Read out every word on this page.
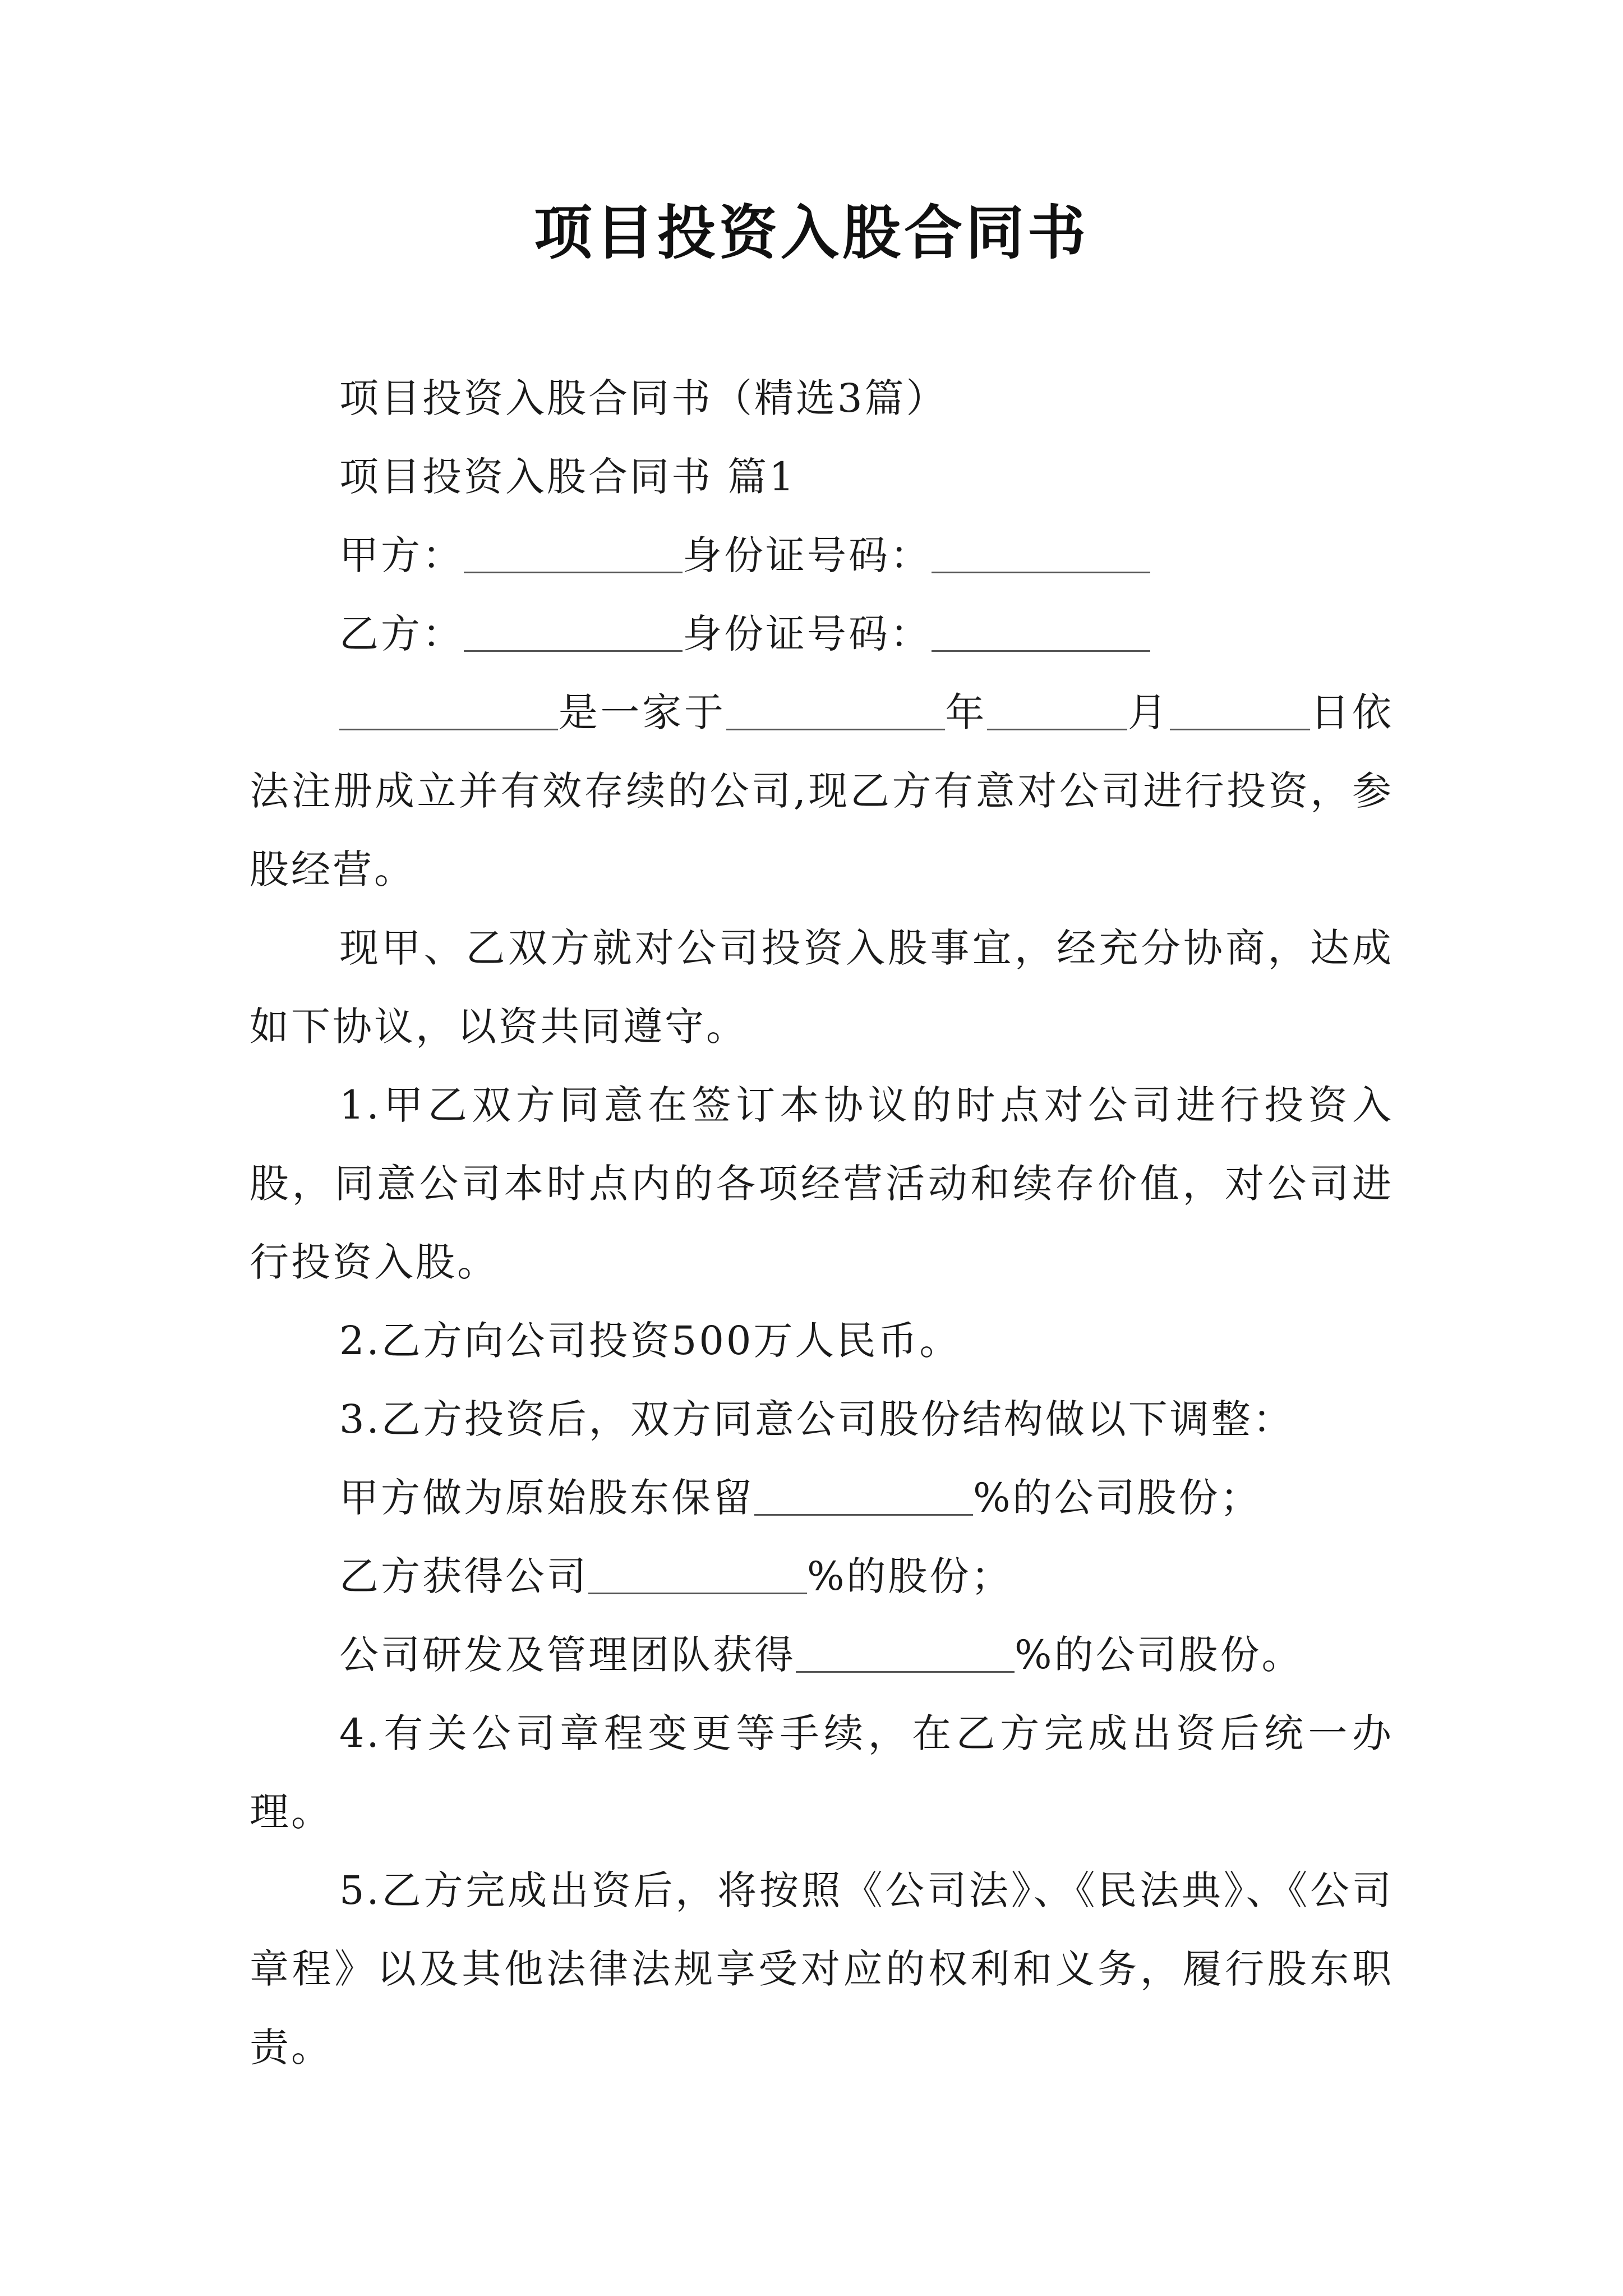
项目投资入股合同书

项目投资入股合同书（精选3篇）

项目投资入股合同书 篇1

甲方：	身份证号码：

乙方：	身份证号码：

是一家于	年	月	日依法注册成立并有效存续的公司,现乙方有意对公司进行投资，参股经营。

现甲、乙双方就对公司投资入股事宜，经充分协商，达成如下协议，以资共同遵守。

1.甲乙双方同意在签订本协议的时点对公司进行投资入股，同意公司本时点内的各项经营活动和续存价值，对公司进行投资入股。

2.乙方向公司投资500万人民币。

3.乙方投资后，双方同意公司股份结构做以下调整：

甲方做为原始股东保留	%的公司股份；

乙方获得公司	%的股份；

公司研发及管理团队获得	%的公司股份。

4.有关公司章程变更等手续，在乙方完成出资后统一办理。

5.乙方完成出资后，将按照《公司法》、《民法典》、《公司章程》以及其他法律法规享受对应的权利和义务，履行股东职责。
